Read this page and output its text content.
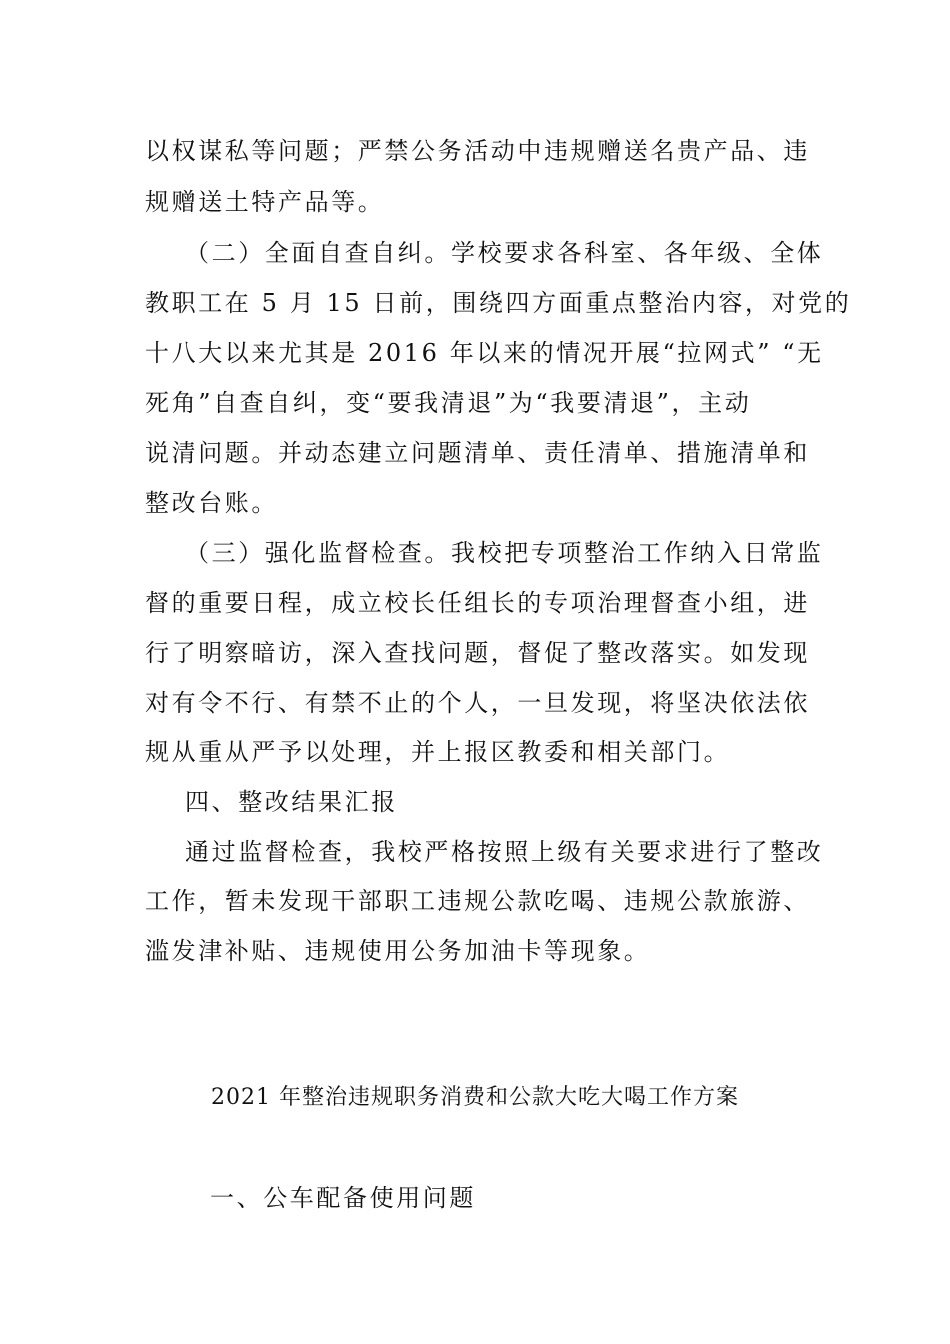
以权谋私等问题；严禁公务活动中违规赠送名贵产品、违
规赠送土特产品等。
（二）全面自查自纠。学校要求各科室、各年级、全体
教职工在 5 月 15 日前，围绕四方面重点整治内容，对党的
十八大以来尤其是 2016 年以来的情况开展“拉网式” “无
死角”自查自纠，变“要我清退”为“我要清退”，主动
说清问题。并动态建立问题清单、责任清单、措施清单和
整改台账。
（三）强化监督检查。我校把专项整治工作纳入日常监
督的重要日程，成立校长任组长的专项治理督查小组，进
行了明察暗访，深入查找问题，督促了整改落实。如发现
对有令不行、有禁不止的个人，一旦发现，将坚决依法依
规从重从严予以处理，并上报区教委和相关部门。
四、整改结果汇报
通过监督检查，我校严格按照上级有关要求进行了整改
工作，暂未发现干部职工违规公款吃喝、违规公款旅游、
滥发津补贴、违规使用公务加油卡等现象。
2021 年整治违规职务消费和公款大吃大喝工作方案
一、公车配备使用问题
